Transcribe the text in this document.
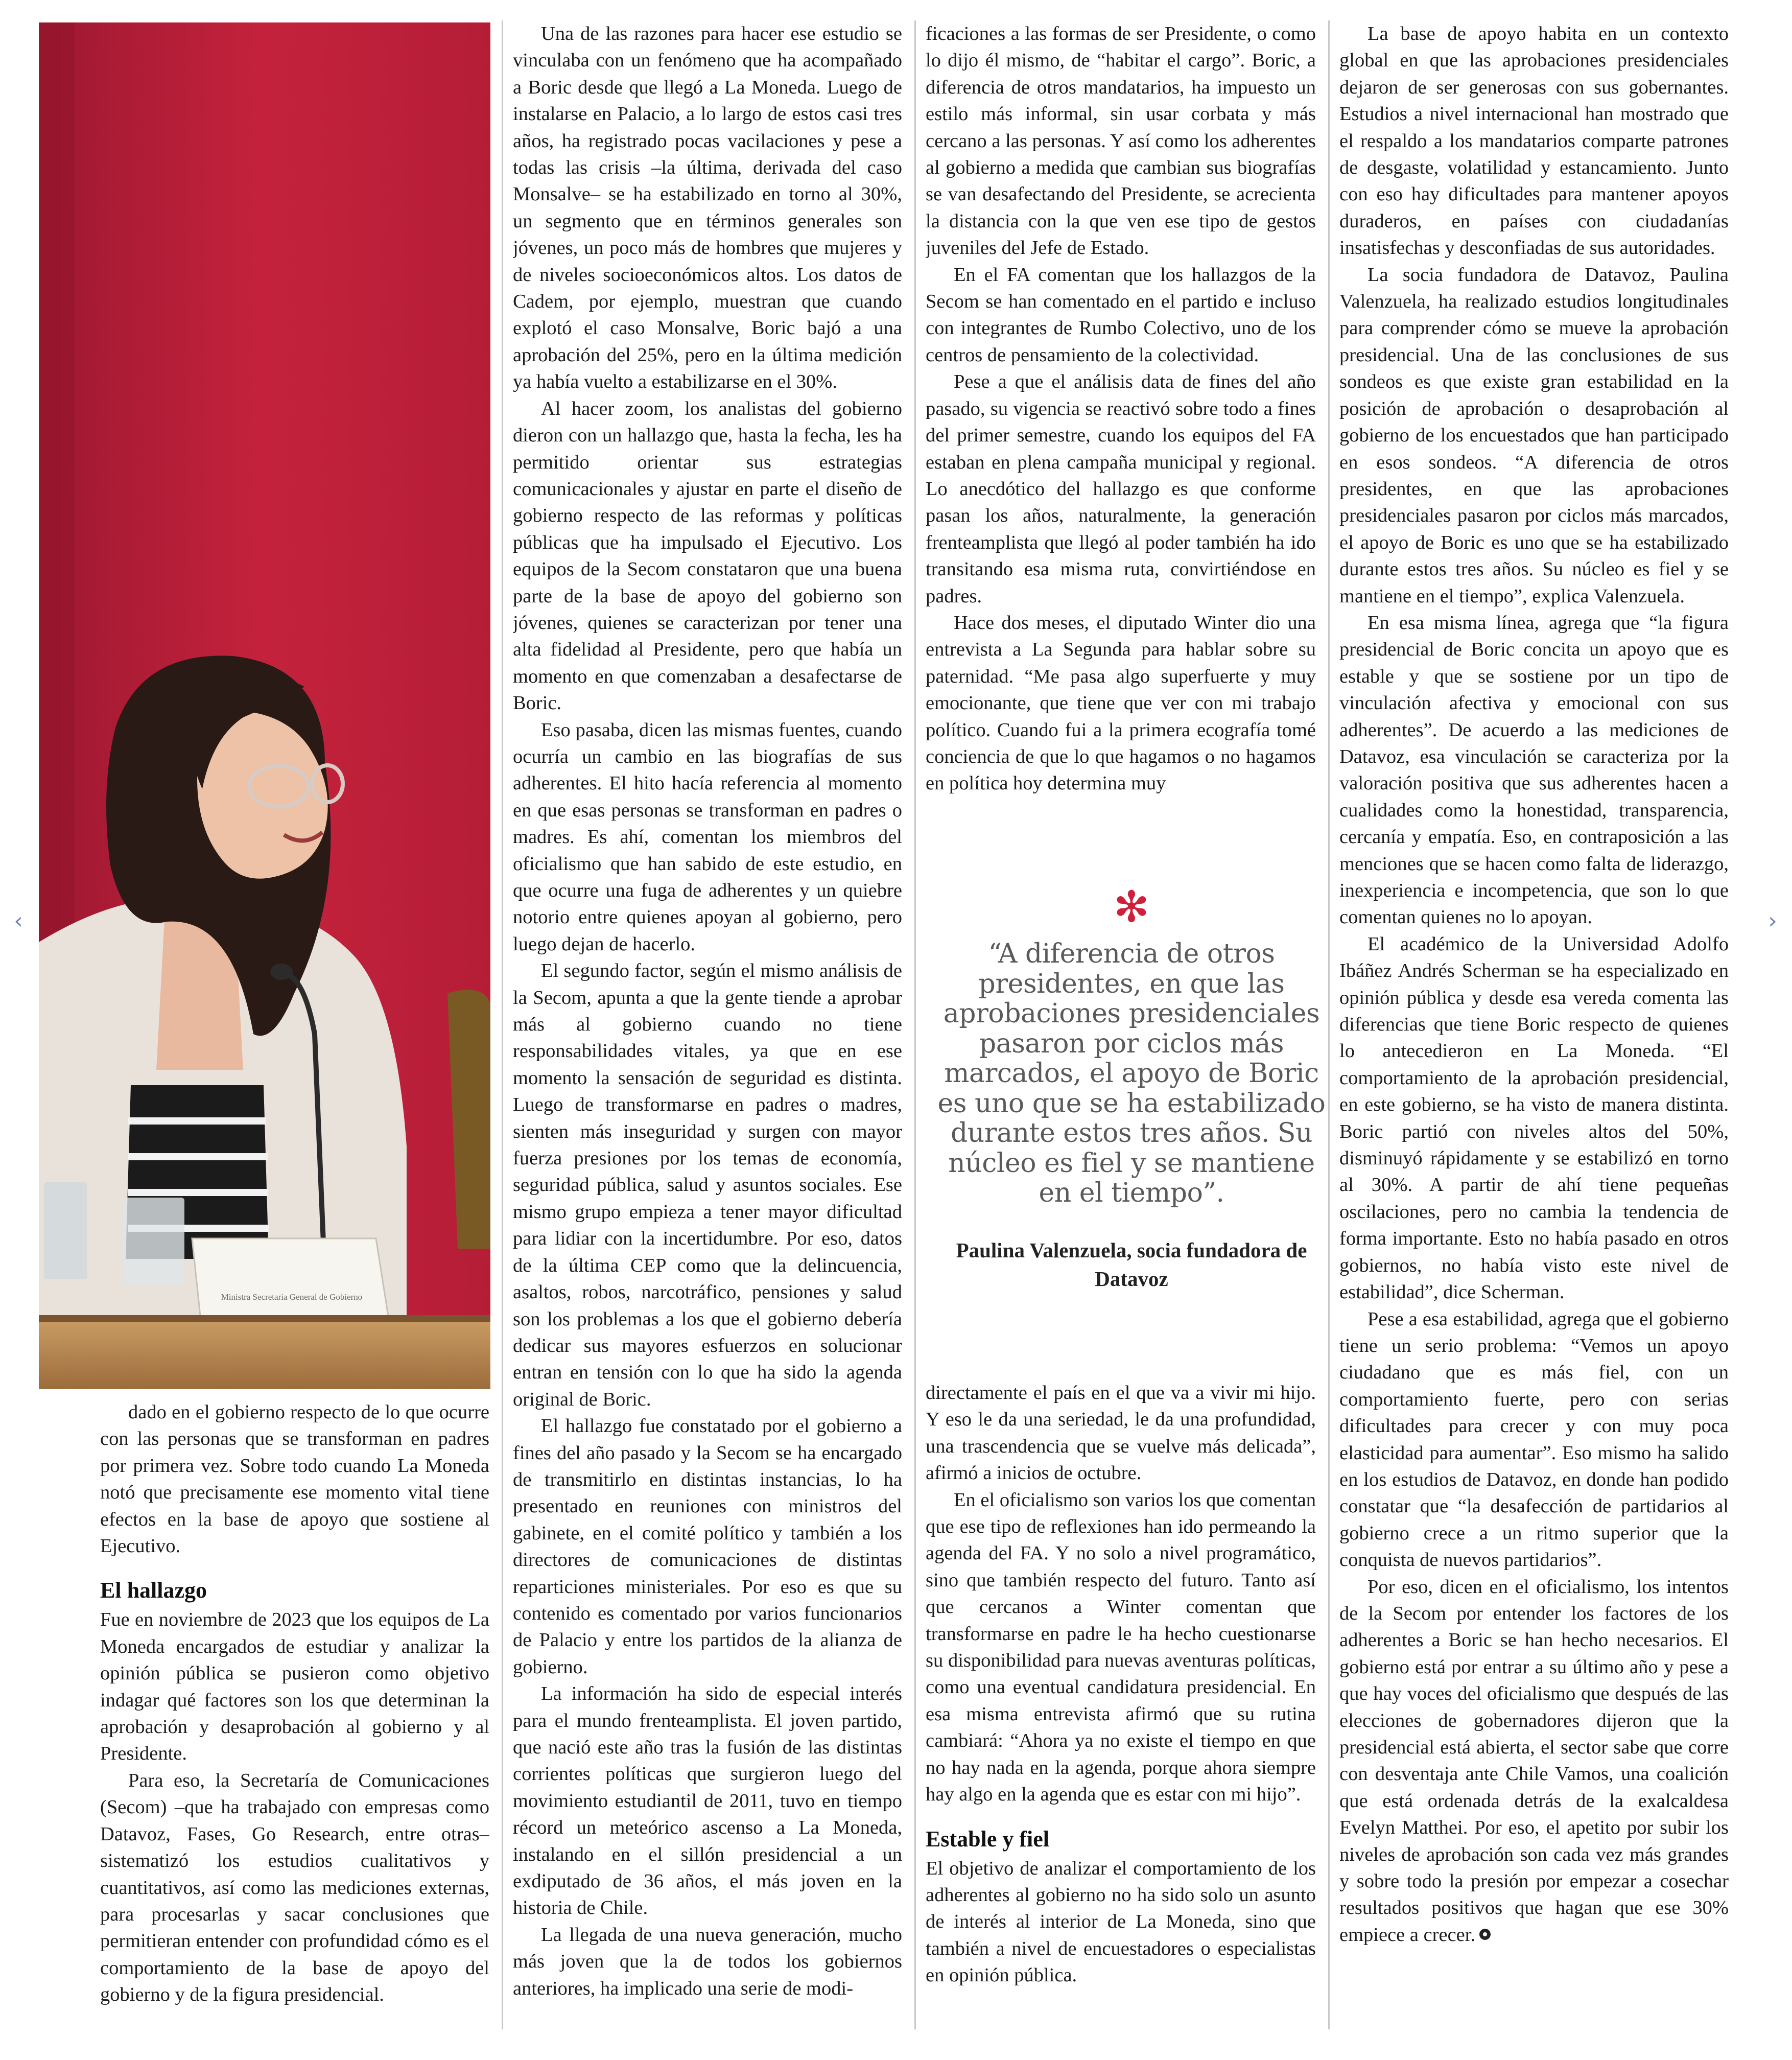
‹	›
Ministra Secretaria General de Gobierno

dado en el gobierno respecto de lo que ocurre con las personas que se transforman en padres por primera vez. Sobre todo cuando La Moneda notó que precisamente ese momento vital tiene efectos en la base de apoyo que sostiene al Ejecutivo.

El hallazgo

Fue en noviembre de 2023 que los equipos de La Moneda encargados de estudiar y analizar la opinión pública se pusieron como objetivo indagar qué factores son los que determinan la aprobación y desaprobación al gobierno y al Presidente.

Para eso, la Secretaría de Comunicaciones (Secom) –que ha trabajado con empresas como Datavoz, Fases, Go Research, entre otras– sistematizó los estudios cualitativos y cuantitativos, así como las mediciones externas, para procesarlas y sacar conclusiones que permitieran entender con profundidad cómo es el comportamiento de la base de apoyo del gobierno y de la figura presidencial.

Una de las razones para hacer ese estudio se vinculaba con un fenómeno que ha acompañado a Boric desde que llegó a La Moneda. Luego de instalarse en Palacio, a lo largo de estos casi tres años, ha registrado pocas vacilaciones y pese a todas las crisis –la última, derivada del caso Monsalve– se ha estabilizado en torno al 30%, un segmento que en términos generales son jóvenes, un poco más de hombres que mujeres y de niveles socioeconómicos altos. Los datos de Cadem, por ejemplo, muestran que cuando explotó el caso Monsalve, Boric bajó a una aprobación del 25%, pero en la última medición ya había vuelto a estabilizarse en el 30%.

Al hacer zoom, los analistas del gobierno dieron con un hallazgo que, hasta la fecha, les ha permitido orientar sus estrategias comunicacionales y ajustar en parte el diseño de gobierno respecto de las reformas y políticas públicas que ha impulsado el Ejecutivo. Los equipos de la Secom constataron que una buena parte de la base de apoyo del gobierno son jóvenes, quienes se caracterizan por tener una alta fidelidad al Presidente, pero que había un momento en que comenzaban a desafectarse de Boric.

Eso pasaba, dicen las mismas fuentes, cuando ocurría un cambio en las biografías de sus adherentes. El hito hacía referencia al momento en que esas personas se transforman en padres o madres. Es ahí, comentan los miembros del oficialismo que han sabido de este estudio, en que ocurre una fuga de adherentes y un quiebre notorio entre quienes apoyan al gobierno, pero luego dejan de hacerlo.

El segundo factor, según el mismo análisis de la Secom, apunta a que la gente tiende a aprobar más al gobierno cuando no tiene responsabilidades vitales, ya que en ese momento la sensación de seguridad es distinta. Luego de transformarse en padres o madres, sienten más inseguridad y surgen con mayor fuerza presiones por los temas de economía, seguridad pública, salud y asuntos sociales. Ese mismo grupo empieza a tener mayor dificultad para lidiar con la incertidumbre. Por eso, datos de la última CEP como que la delincuencia, asaltos, robos, narcotráfico, pensiones y salud son los problemas a los que el gobierno debería dedicar sus mayores esfuerzos en solucionar entran en tensión con lo que ha sido la agenda original de Boric.

El hallazgo fue constatado por el gobierno a fines del año pasado y la Secom se ha encargado de transmitirlo en distintas instancias, lo ha presentado en reuniones con ministros del gabinete, en el comité político y también a los directores de comunicaciones de distintas reparticiones ministeriales. Por eso es que su contenido es comentado por varios funcionarios de Palacio y entre los partidos de la alianza de gobierno.

La información ha sido de especial interés para el mundo frenteamplista. El joven partido, que nació este año tras la fusión de las distintas corrientes políticas que surgieron luego del movimiento estudiantil de 2011, tuvo en tiempo récord un meteórico ascenso a La Moneda, instalando en el sillón presidencial a un exdiputado de 36 años, el más joven en la historia de Chile.

La llegada de una nueva generación, mucho más joven que la de todos los gobiernos anteriores, ha implicado una serie de modi-

ficaciones a las formas de ser Presidente, o como lo dijo él mismo, de “habitar el cargo”. Boric, a diferencia de otros mandatarios, ha impuesto un estilo más informal, sin usar corbata y más cercano a las personas. Y así como los adherentes al gobierno a medida que cambian sus biografías se van desafectando del Presidente, se acrecienta la distancia con la que ven ese tipo de gestos juveniles del Jefe de Estado.

En el FA comentan que los hallazgos de la Secom se han comentado en el partido e incluso con integrantes de Rumbo Colectivo, uno de los centros de pensamiento de la colectividad.

Pese a que el análisis data de fines del año pasado, su vigencia se reactivó sobre todo a fines del primer semestre, cuando los equipos del FA estaban en plena campaña municipal y regional. Lo anecdótico del hallazgo es que conforme pasan los años, naturalmente, la generación frenteamplista que llegó al poder también ha ido transitando esa misma ruta, convirtiéndose en padres.

Hace dos meses, el diputado Winter dio una entrevista a La Segunda para hablar sobre su paternidad. “Me pasa algo superfuerte y muy emocionante, que tiene que ver con mi trabajo político. Cuando fui a la primera ecografía tomé conciencia de que lo que hagamos o no hagamos en política hoy determina muy

✻

“A diferencia de otros presidentes, en que las aprobaciones presidenciales pasaron por ciclos más marcados, el apoyo de Boric es uno que se ha estabilizado durante estos tres años. Su núcleo es fiel y se mantiene en el tiempo”.

Paulina Valenzuela, socia fundadora de Datavoz

directamente el país en el que va a vivir mi hijo. Y eso le da una seriedad, le da una profundidad, una trascendencia que se vuelve más delicada”, afirmó a inicios de octubre.

En el oficialismo son varios los que comentan que ese tipo de reflexiones han ido permeando la agenda del FA. Y no solo a nivel programático, sino que también respecto del futuro. Tanto así que cercanos a Winter comentan que transformarse en padre le ha hecho cuestionarse su disponibilidad para nuevas aventuras políticas, como una eventual candidatura presidencial. En esa misma entrevista afirmó que su rutina cambiará: “Ahora ya no existe el tiempo en que no hay nada en la agenda, porque ahora siempre hay algo en la agenda que es estar con mi hijo”.

Estable y fiel

El objetivo de analizar el comportamiento de los adherentes al gobierno no ha sido solo un asunto de interés al interior de La Moneda, sino que también a nivel de encuestadores o especialistas en opinión pública.

La base de apoyo habita en un contexto global en que las aprobaciones presidenciales dejaron de ser generosas con sus gobernantes. Estudios a nivel internacional han mostrado que el respaldo a los mandatarios comparte patrones de desgaste, volatilidad y estancamiento. Junto con eso hay dificultades para mantener apoyos duraderos, en países con ciudadanías insatisfechas y desconfiadas de sus autoridades.

La socia fundadora de Datavoz, Paulina Valenzuela, ha realizado estudios longitudinales para comprender cómo se mueve la aprobación presidencial. Una de las conclusiones de sus sondeos es que existe gran estabilidad en la posición de aprobación o desaprobación al gobierno de los encuestados que han participado en esos sondeos. “A diferencia de otros presidentes, en que las aprobaciones presidenciales pasaron por ciclos más marcados, el apoyo de Boric es uno que se ha estabilizado durante estos tres años. Su núcleo es fiel y se mantiene en el tiempo”, explica Valenzuela.

En esa misma línea, agrega que “la figura presidencial de Boric concita un apoyo que es estable y que se sostiene por un tipo de vinculación afectiva y emocional con sus adherentes”. De acuerdo a las mediciones de Datavoz, esa vinculación se caracteriza por la valoración positiva que sus adherentes hacen a cualidades como la honestidad, transparencia, cercanía y empatía. Eso, en contraposición a las menciones que se hacen como falta de liderazgo, inexperiencia e incompetencia, que son lo que comentan quienes no lo apoyan.

El académico de la Universidad Adolfo Ibáñez Andrés Scherman se ha especializado en opinión pública y desde esa vereda comenta las diferencias que tiene Boric respecto de quienes lo antecedieron en La Moneda. “El comportamiento de la aprobación presidencial, en este gobierno, se ha visto de manera distinta. Boric partió con niveles altos del 50%, disminuyó rápidamente y se estabilizó en torno al 30%. A partir de ahí tiene pequeñas oscilaciones, pero no cambia la tendencia de forma importante. Esto no había pasado en otros gobiernos, no había visto este nivel de estabilidad”, dice Scherman.

Pese a esa estabilidad, agrega que el gobierno tiene un serio problema: “Vemos un apoyo ciudadano que es más fiel, con un comportamiento fuerte, pero con serias dificultades para crecer y con muy poca elasticidad para aumentar”. Eso mismo ha salido en los estudios de Datavoz, en donde han podido constatar que “la desafección de partidarios al gobierno crece a un ritmo superior que la conquista de nuevos partidarios”.

Por eso, dicen en el oficialismo, los intentos de la Secom por entender los factores de los adherentes a Boric se han hecho necesarios. El gobierno está por entrar a su último año y pese a que hay voces del oficialismo que después de las elecciones de gobernadores dijeron que la presidencial está abierta, el sector sabe que corre con desventaja ante Chile Vamos, una coalición que está ordenada detrás de la exalcaldesa Evelyn Matthei. Por eso, el apetito por subir los niveles de aprobación son cada vez más grandes y sobre todo la presión por empezar a cosechar resultados positivos que hagan que ese 30% empiece a crecer.
